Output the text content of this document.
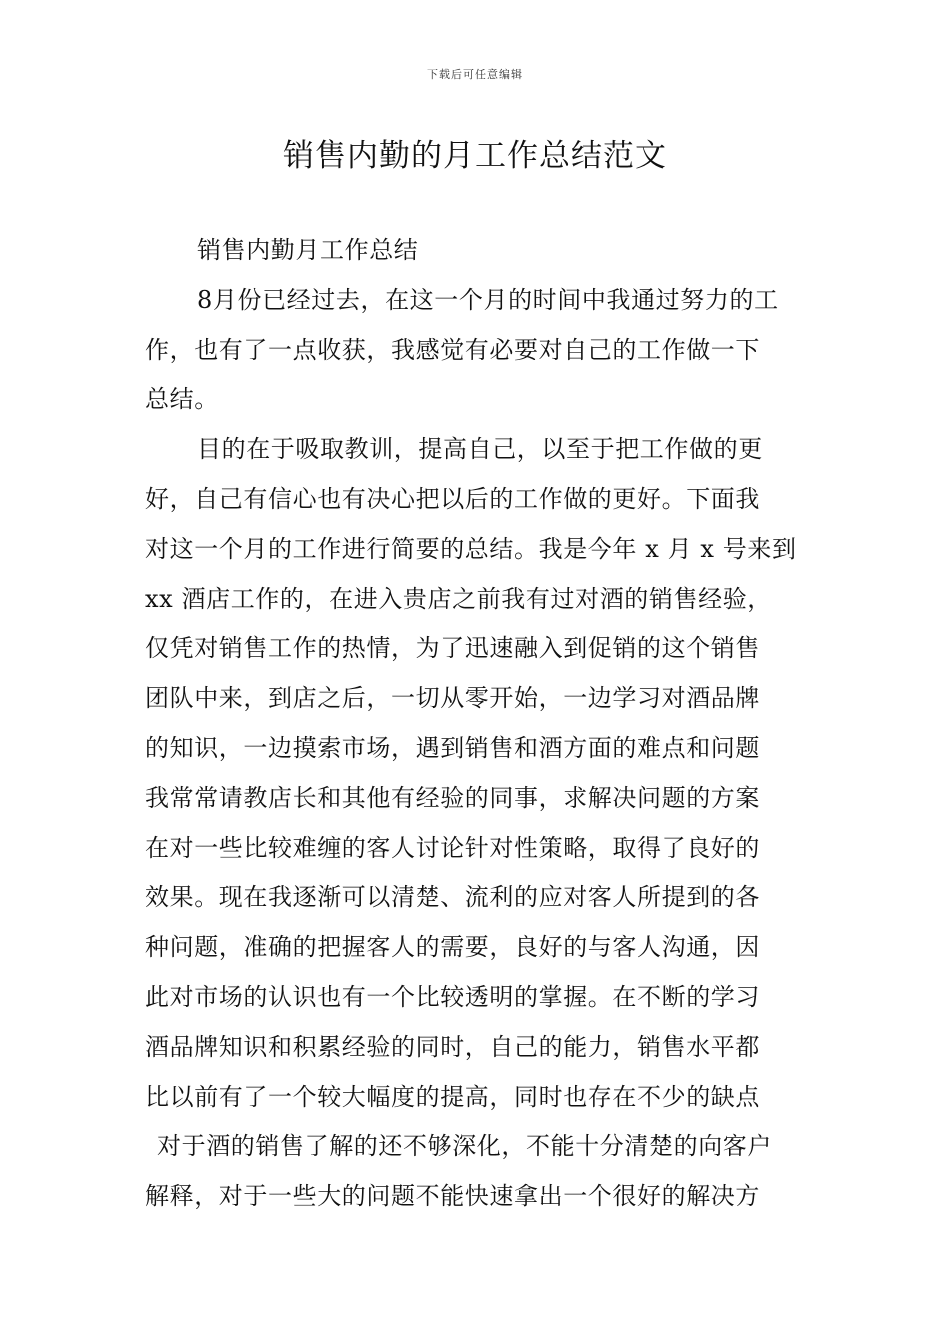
下载后可任意编辑
销售内勤的月工作总结范文
销售内勤月工作总结
8月份已经过去，在这一个月的时间中我通过努力的工
作，也有了一点收获，我感觉有必要对自己的工作做一下
总结。
目的在于吸取教训，提高自己，以至于把工作做的更
好，自己有信心也有决心把以后的工作做的更好。下面我
对这一个月的工作进行简要的总结。我是今年 x 月 x 号来到
xx 酒店工作的，在进入贵店之前我有过对酒的销售经验，
仅凭对销售工作的热情，为了迅速融入到促销的这个销售
团队中来，到店之后，一切从零开始，一边学习对酒品牌
的知识，一边摸索市场，遇到销售和酒方面的难点和问题
我常常请教店长和其他有经验的同事，求解决问题的方案
在对一些比较难缠的客人讨论针对性策略，取得了良好的
效果。现在我逐渐可以清楚、流利的应对客人所提到的各
种问题，准确的把握客人的需要，良好的与客人沟通，因
此对市场的认识也有一个比较透明的掌握。在不断的学习
酒品牌知识和积累经验的同时，自己的能力，销售水平都
比以前有了一个较大幅度的提高，同时也存在不少的缺点
对于酒的销售了解的还不够深化，不能十分清楚的向客户
解释，对于一些大的问题不能快速拿出一个很好的解决方
